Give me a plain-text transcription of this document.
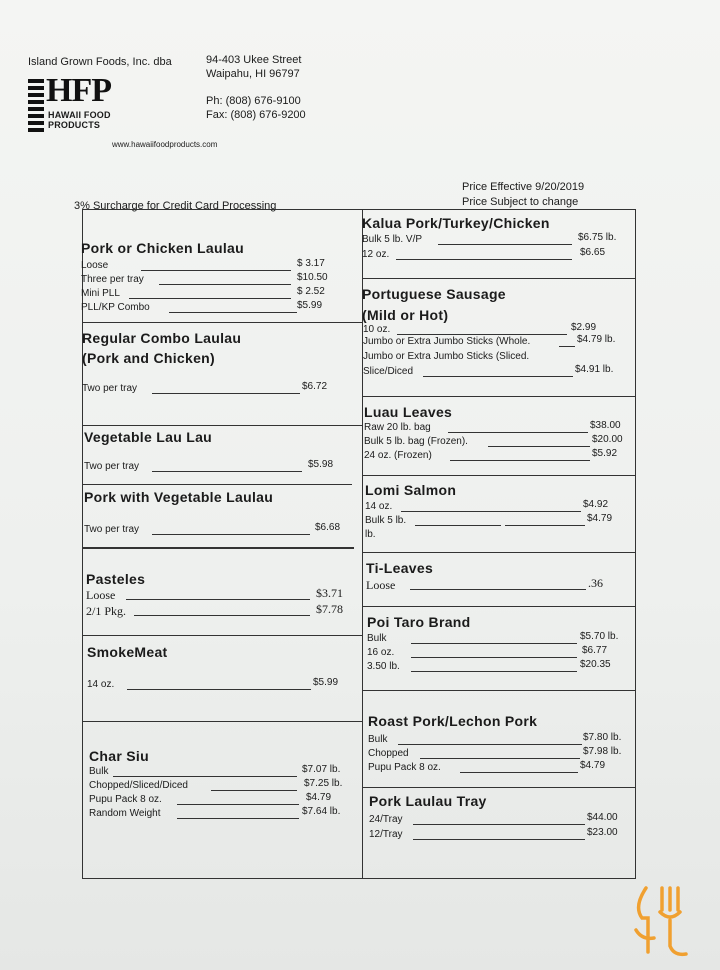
Island Grown Foods, Inc. dba
HFP
HAWAII FOOD
PRODUCTS
94-403 Ukee Street
Waipahu, HI 96797
Ph: (808) 676-9100
Fax: (808) 676-9200
www.hawaiifoodproducts.com
Price Effective 9/20/2019
Price Subject to change
3% Surcharge for Credit Card Processing
Pork or Chicken Laulau
Loose	$ 3.17
Three per tray	$10.50
Mini PLL	$ 2.52
PLL/KP Combo	$5.99
Regular Combo Laulau
(Pork and Chicken)
Two per tray	$6.72
Vegetable Lau Lau
Two per tray	$5.98
Pork with Vegetable Laulau
Two per tray	$6.68
Pasteles
Loose	$3.71
2/1 Pkg.	$7.78
SmokeMeat
14 oz.	$5.99
Char Siu
Bulk	$7.07 lb.
Chopped/Sliced/Diced	$7.25 lb.
Pupu Pack 8 oz.	$4.79
Random Weight	$7.64 lb.
Kalua Pork/Turkey/Chicken
Bulk 5 lb. V/P	$6.75 lb.
12 oz.	$6.65
Portuguese Sausage
(Mild or Hot)
10 oz.	$2.99
Jumbo or Extra Jumbo Sticks (Whole.	$4.79 lb.
Jumbo or Extra Jumbo Sticks (Sliced.
Slice/Diced	$4.91 lb.
Luau Leaves
Raw 20 lb. bag	$38.00
Bulk 5 lb. bag (Frozen).	$20.00
24 oz. (Frozen)	$5.92
Lomi Salmon
14 oz.	$4.92
Bulk 5 lb.	$4.79
lb.
Ti-Leaves
Loose	.36
Poi Taro Brand
Bulk	$5.70 lb.
16 oz.	$6.77
3.50 lb.	$20.35
Roast Pork/Lechon Pork
Bulk	$7.80 lb.
Chopped	$7.98 lb.
Pupu Pack 8 oz.	$4.79
Pork Laulau Tray
24/Tray	$44.00
12/Tray	$23.00
